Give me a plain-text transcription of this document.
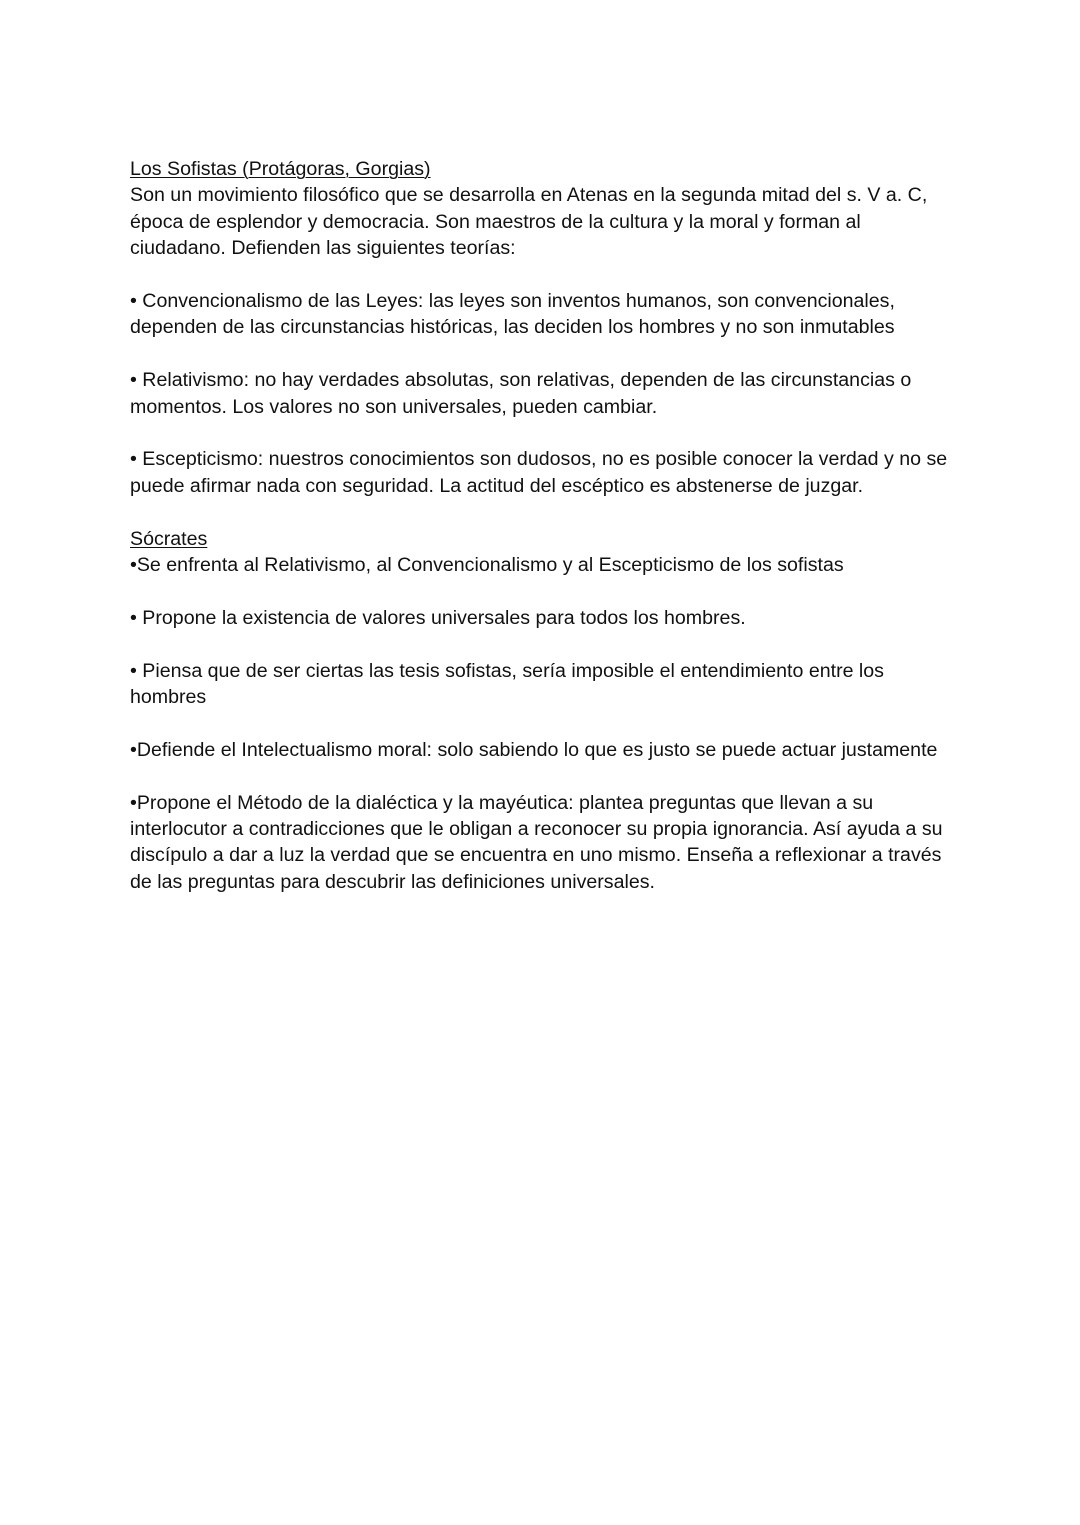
Los Sofistas (Protágoras, Gorgias)

Son un movimiento filosófico que se desarrolla en Atenas en la segunda mitad del s. V a. C, época de esplendor y democracia. Son maestros de la cultura y la moral y forman al ciudadano. Defienden las siguientes teorías:

• Convencionalismo de las Leyes: las leyes son inventos humanos, son convencionales, dependen de las circunstancias históricas, las deciden los hombres y no son inmutables

• Relativismo: no hay verdades absolutas, son relativas, dependen de las circunstancias o momentos. Los valores no son universales, pueden cambiar.

• Escepticismo: nuestros conocimientos son dudosos, no es posible conocer la verdad y no se puede afirmar nada con seguridad. La actitud del escéptico es abstenerse de juzgar.

Sócrates

•Se enfrenta al Relativismo, al Convencionalismo y al Escepticismo de los sofistas

• Propone la existencia de valores universales para todos los hombres.

• Piensa que de ser ciertas las tesis sofistas, sería imposible el entendimiento entre los hombres

•Defiende el Intelectualismo moral: solo sabiendo lo que es justo se puede actuar justamente

•Propone el Método de la dialéctica y la mayéutica: plantea preguntas que llevan a su interlocutor a contradicciones que le obligan a reconocer su propia ignorancia. Así ayuda a su discípulo a dar a luz la verdad que se encuentra en uno mismo. Enseña a reflexionar a través de las preguntas para descubrir las definiciones universales.
